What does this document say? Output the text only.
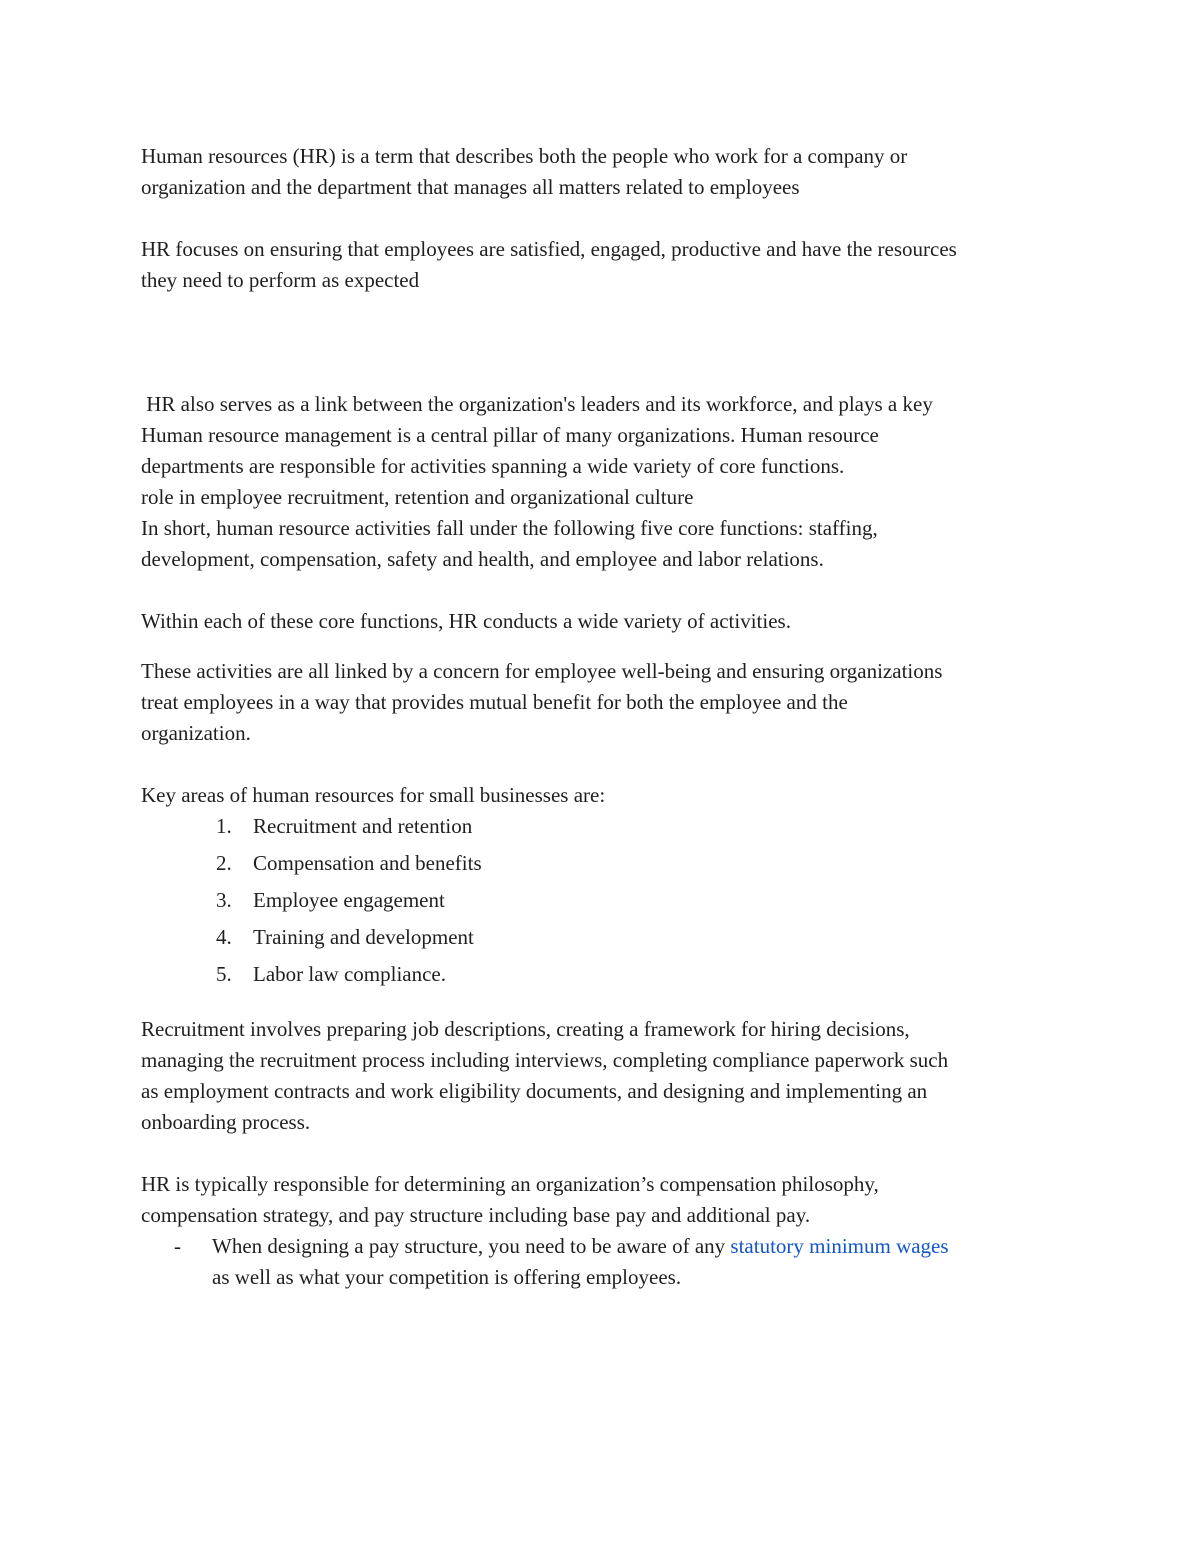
Human resources (HR) is a term that describes both the people who work for a company or
organization and the department that manages all matters related to employees
HR focuses on ensuring that employees are satisfied, engaged, productive and have the resources
they need to perform as expected

HR also serves as a link between the organization's leaders and its workforce, and plays a key

role in employee recruitment, retention and organizational culture

Human resource management is a central pillar of many organizations. Human resource
departments are responsible for activities spanning a wide variety of core functions.
In short, human resource activities fall under the following five core functions: staffing,
development, compensation, safety and health, and employee and labor relations.
Within each of these core functions, HR conducts a wide variety of activities.
These activities are all linked by a concern for employee well-being and ensuring organizations
treat employees in a way that provides mutual benefit for both the employee and the
organization.
Key areas of human resources for small businesses are:
1.	Recruitment and retention
2.	Compensation and benefits
3.	Employee engagement
4.	Training and development
5.	Labor law compliance.
Recruitment involves preparing job descriptions, creating a framework for hiring decisions,
managing the recruitment process including interviews, completing compliance paperwork such
as employment contracts and work eligibility documents, and designing and implementing an
onboarding process.
HR is typically responsible for determining an organization’s compensation philosophy,
compensation strategy, and pay structure including base pay and additional pay.
- When designing a pay structure, you need to be aware of any statutory minimum wages
as well as what your competition is offering employees.
